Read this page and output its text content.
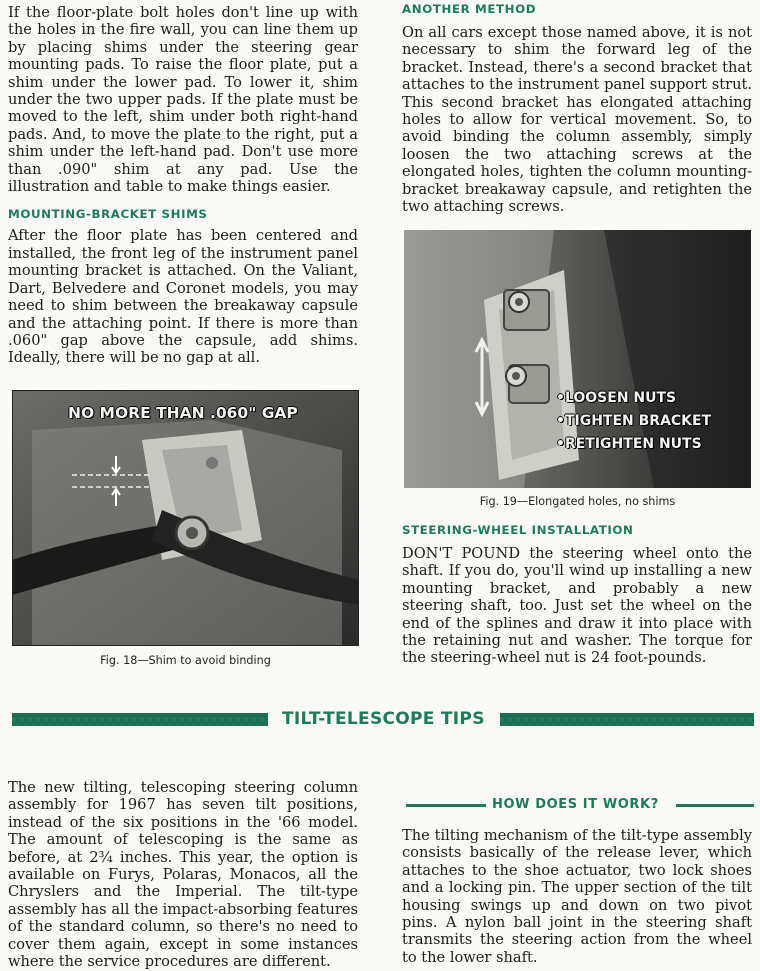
If the floor-plate bolt holes don't line up with the holes in the fire wall, you can line them up by placing shims under the steering gear mounting pads. To raise the floor plate, put a shim under the lower pad. To lower it, shim under the two upper pads. If the plate must be moved to the left, shim under both right-hand pads. And, to move the plate to the right, put a shim under the left-hand pad. Don't use more than .090" shim at any pad. Use the illustration and table to make things easier.

MOUNTING-BRACKET SHIMS

After the floor plate has been centered and installed, the front leg of the instrument panel mounting bracket is attached. On the Valiant, Dart, Belvedere and Coronet models, you may need to shim between the breakaway capsule and the attaching point. If there is more than .060" gap above the capsule, add shims. Ideally, there will be no gap at all.

NO MORE THAN .060" GAP

Fig. 18—Shim to avoid binding

ANOTHER METHOD

On all cars except those named above, it is not necessary to shim the forward leg of the bracket. Instead, there's a second bracket that attaches to the instrument panel support strut. This second bracket has elongated attaching holes to allow for vertical movement. So, to avoid binding the column assembly, simply loosen the two attaching screws at the elongated holes, tighten the column mounting-bracket breakaway capsule, and retighten the two attaching screws.

•LOOSEN NUTS
•TIGHTEN BRACKET
•RETIGHTEN NUTS

Fig. 19—Elongated holes, no shims

STEERING-WHEEL INSTALLATION

DON'T POUND the steering wheel onto the shaft. If you do, you'll wind up installing a new mounting bracket, and probably a new steering shaft, too. Just set the wheel on the end of the splines and draw it into place with the retaining nut and washer. The torque for the steering-wheel nut is 24 foot-pounds.

TILT-TELESCOPE TIPS

The new tilting, telescoping steering column assembly for 1967 has seven tilt positions, instead of the six positions in the '66 model. The amount of telescoping is the same as before, at 2¾ inches. This year, the option is available on Furys, Polaras, Monacos, all the Chryslers and the Imperial. The tilt-type assembly has all the impact-absorbing features of the standard column, so there's no need to cover them again, except in some instances where the service procedures are different.

HOW DOES IT WORK?

The tilting mechanism of the tilt-type assembly consists basically of the release lever, which attaches to the shoe actuator, two lock shoes and a locking pin. The upper section of the tilt housing swings up and down on two pivot pins. A nylon ball joint in the steering shaft transmits the steering action from the wheel to the lower shaft.
